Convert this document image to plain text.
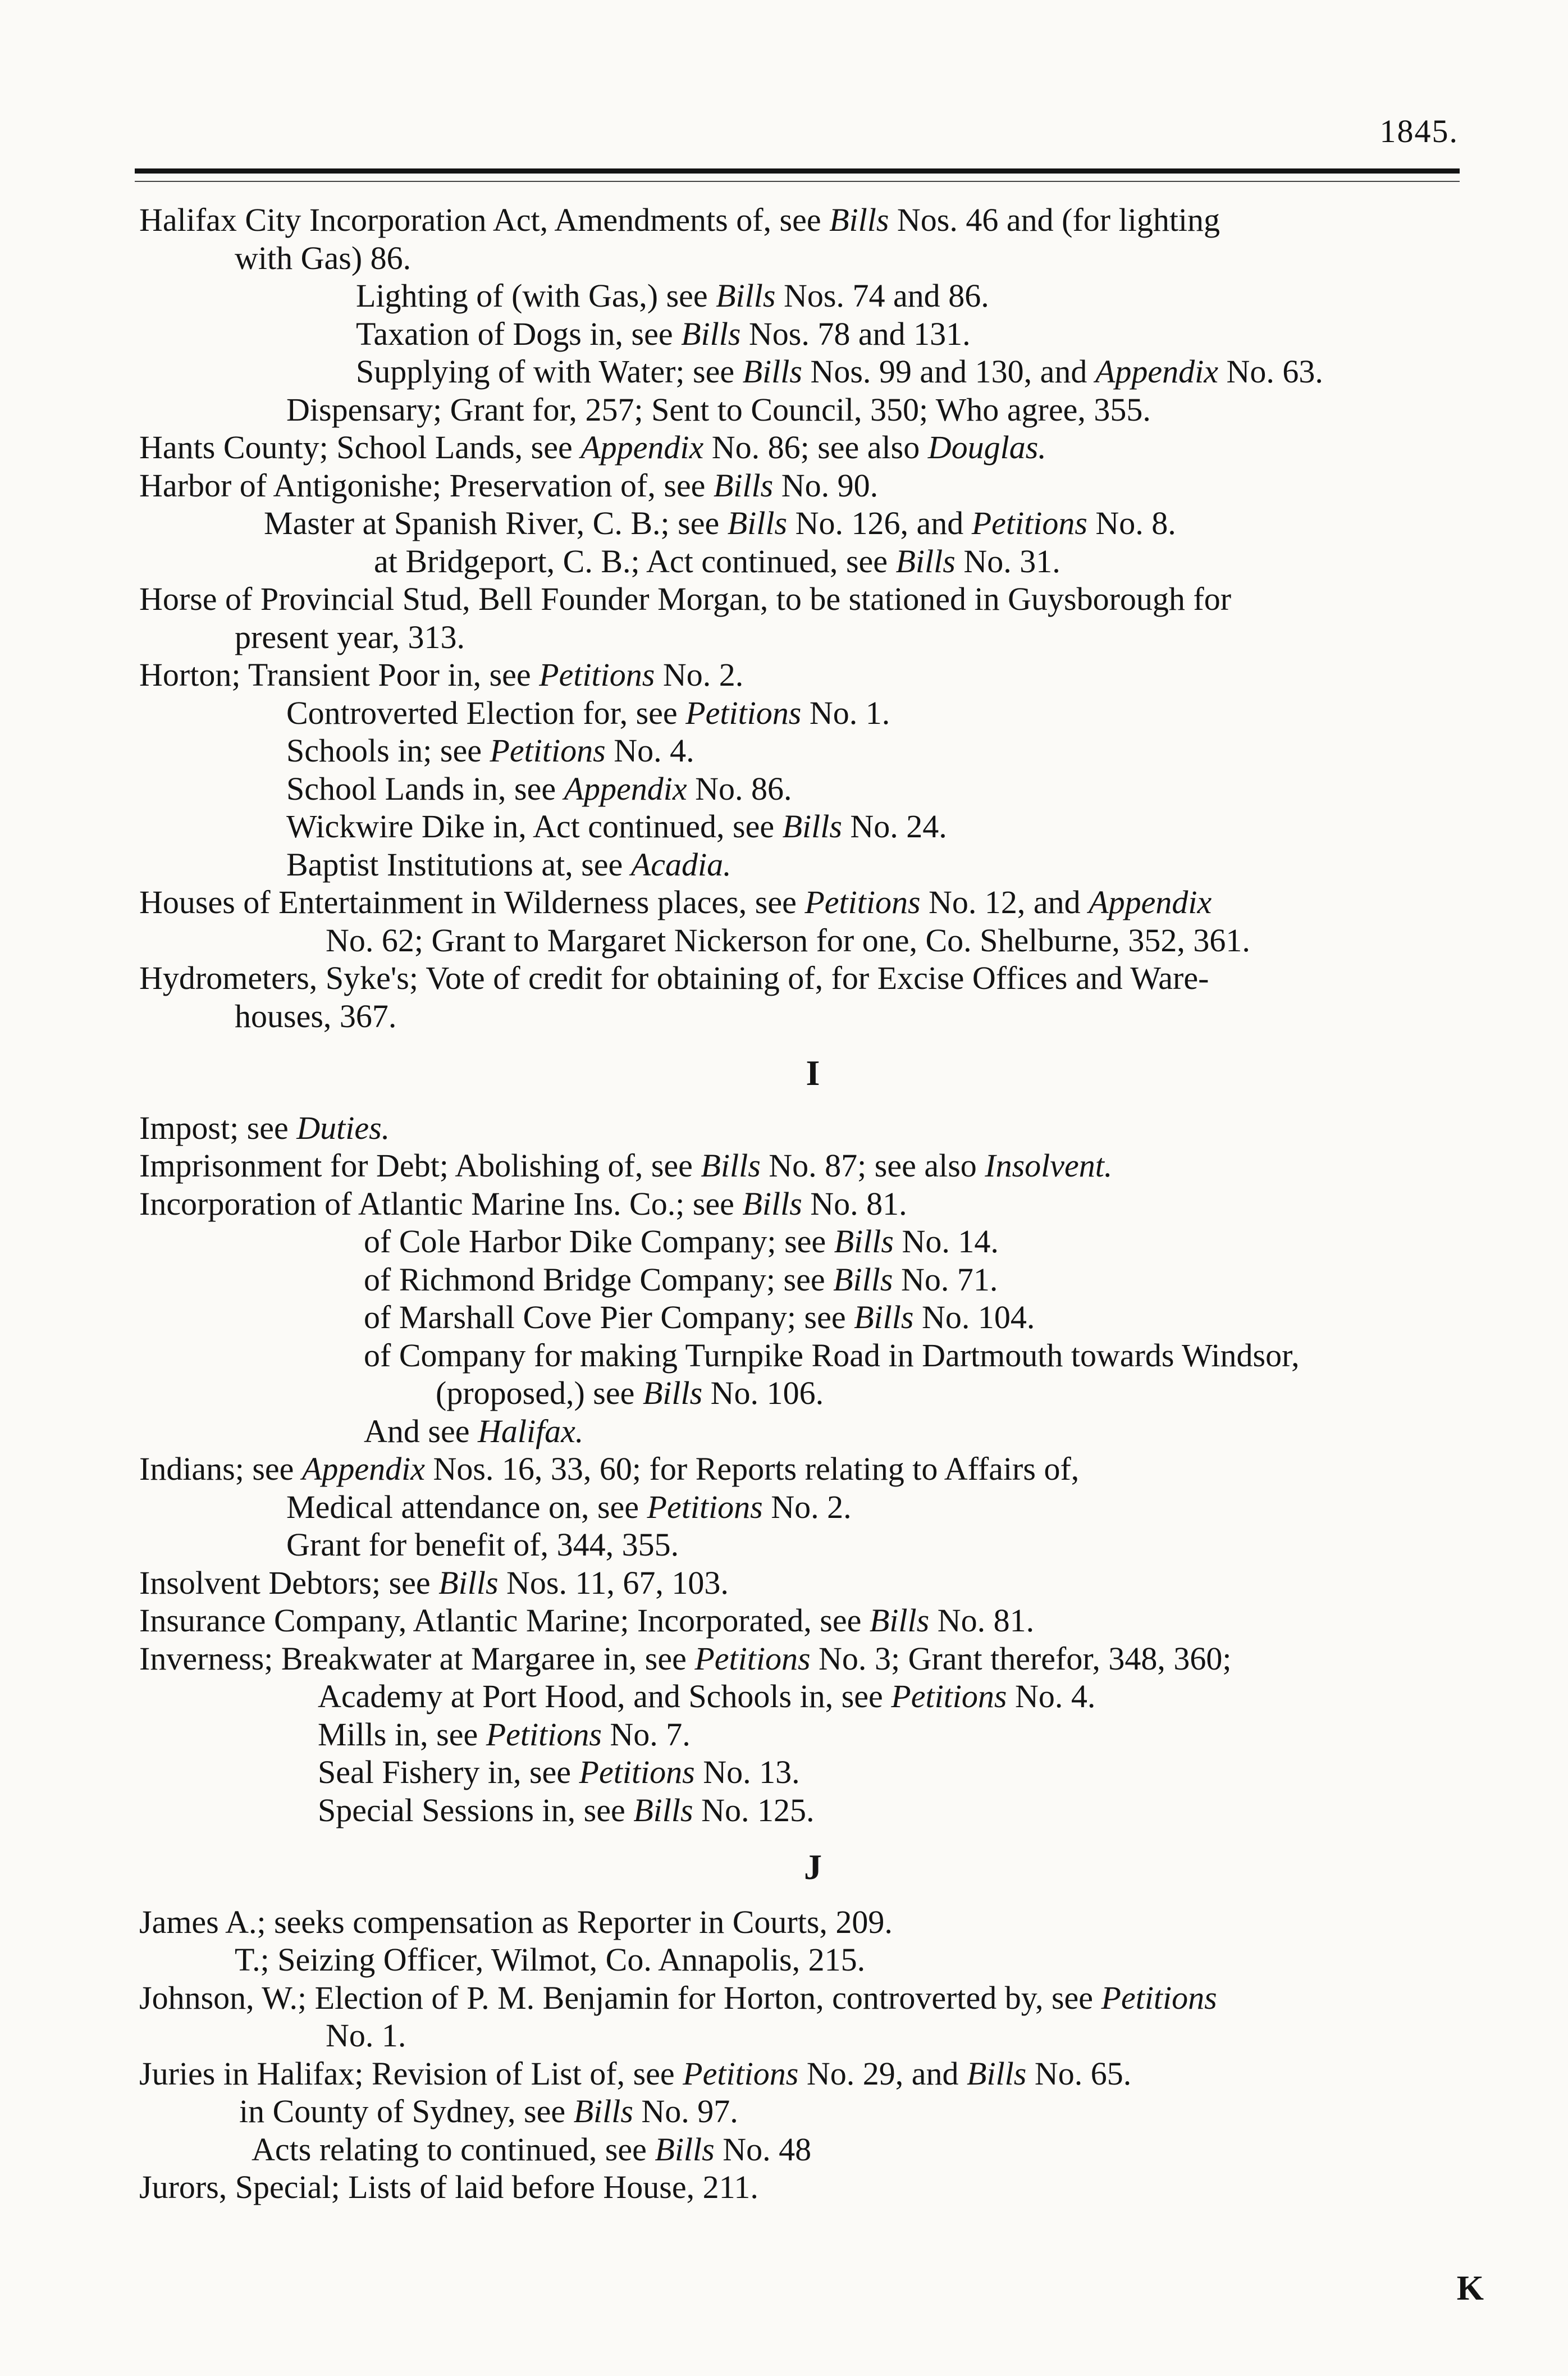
1845.
Halifax City Incorporation Act, Amendments of, see Bills Nos. 46 and (for lighting
with Gas) 86.
Lighting of (with Gas,) see Bills Nos. 74 and 86.
Taxation of Dogs in, see Bills Nos. 78 and 131.
Supplying of with Water; see Bills Nos. 99 and 130, and Appendix No. 63.
Dispensary; Grant for, 257; Sent to Council, 350; Who agree, 355.
Hants County; School Lands, see Appendix No. 86; see also Douglas.
Harbor of Antigonishe; Preservation of, see Bills No. 90.
Master at Spanish River, C. B.; see Bills No. 126, and Petitions No. 8.
at Bridgeport, C. B.; Act continued, see Bills No. 31.
Horse of Provincial Stud, Bell Founder Morgan, to be stationed in Guysborough for
present year, 313.
Horton; Transient Poor in, see Petitions No. 2.
Controverted Election for, see Petitions No. 1.
Schools in; see Petitions No. 4.
School Lands in, see Appendix No. 86.
Wickwire Dike in, Act continued, see Bills No. 24.
Baptist Institutions at, see Acadia.
Houses of Entertainment in Wilderness places, see Petitions No. 12, and Appendix
No. 62; Grant to Margaret Nickerson for one, Co. Shelburne, 352, 361.
Hydrometers, Syke's; Vote of credit for obtaining of, for Excise Offices and Ware-
houses, 367.
I
Impost; see Duties.
Imprisonment for Debt; Abolishing of, see Bills No. 87; see also Insolvent.
Incorporation of Atlantic Marine Ins. Co.; see Bills No. 81.
of Cole Harbor Dike Company; see Bills No. 14.
of Richmond Bridge Company; see Bills No. 71.
of Marshall Cove Pier Company; see Bills No. 104.
of Company for making Turnpike Road in Dartmouth towards Windsor,
(proposed,) see Bills No. 106.
And see Halifax.
Indians; see Appendix Nos. 16, 33, 60; for Reports relating to Affairs of,
Medical attendance on, see Petitions No. 2.
Grant for benefit of, 344, 355.
Insolvent Debtors; see Bills Nos. 11, 67, 103.
Insurance Company, Atlantic Marine; Incorporated, see Bills No. 81.
Inverness; Breakwater at Margaree in, see Petitions No. 3; Grant therefor, 348, 360;
Academy at Port Hood, and Schools in, see Petitions No. 4.
Mills in, see Petitions No. 7.
Seal Fishery in, see Petitions No. 13.
Special Sessions in, see Bills No. 125.
J
James A.; seeks compensation as Reporter in Courts, 209.
T.; Seizing Officer, Wilmot, Co. Annapolis, 215.
Johnson, W.; Election of P. M. Benjamin for Horton, controverted by, see Petitions
No. 1.
Juries in Halifax; Revision of List of, see Petitions No. 29, and Bills No. 65.
in County of Sydney, see Bills No. 97.
Acts relating to continued, see Bills No. 48
Jurors, Special; Lists of laid before House, 211.
K
